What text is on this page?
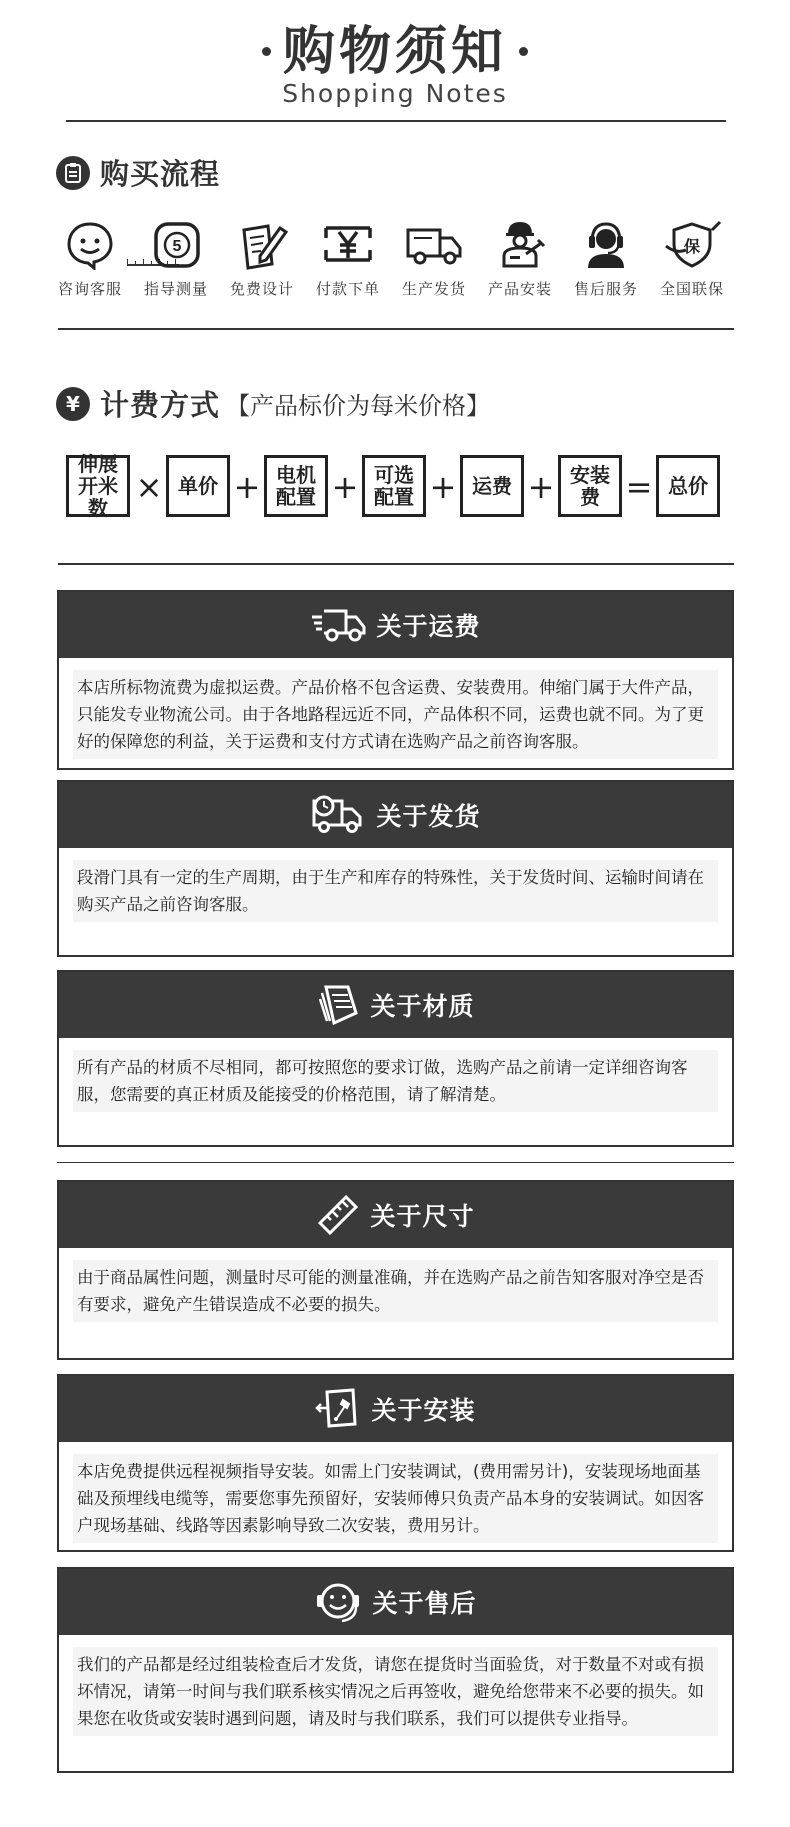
购物须知
Shopping Notes
购买流程
咨询客服
5
指导测量	免费设计	付款下单	生产发货	产品安装	售后服务
保
全国联保
¥ 计费方式 【产品标价为每米价格】
伸展开米数
× 单价 + 电机配置 + 可选配置 + 运费 + 安装费 = 总价
关于运费
本店所标物流费为虚拟运费。产品价格不包含运费、安装费用。伸缩门属于大件产品，只能发专业物流公司。由于各地路程远近不同，产品体积不同，运费也就不同。为了更好的保障您的利益，关于运费和支付方式请在选购产品之前咨询客服。
关于发货
段滑门具有一定的生产周期，由于生产和库存的特殊性，关于发货时间、运输时间请在购买产品之前咨询客服。
关于材质
所有产品的材质不尽相同，都可按照您的要求订做，选购产品之前请一定详细咨询客服，您需要的真正材质及能接受的价格范围，请了解清楚。
关于尺寸
由于商品属性问题，测量时尽可能的测量准确，并在选购产品之前告知客服对净空是否有要求，避免产生错误造成不必要的损失。
关于安装
本店免费提供远程视频指导安装。如需上门安装调试，(费用需另计)，安装现场地面基础及预埋线电缆等，需要您事先预留好，安装师傅只负责产品本身的安装调试。如因客户现场基础、线路等因素影响导致二次安装，费用另计。
关于售后
我们的产品都是经过组装检查后才发货，请您在提货时当面验货，对于数量不对或有损坏情况，请第一时间与我们联系核实情况之后再签收，避免给您带来不必要的损失。如果您在收货或安装时遇到问题，请及时与我们联系，我们可以提供专业指导。
